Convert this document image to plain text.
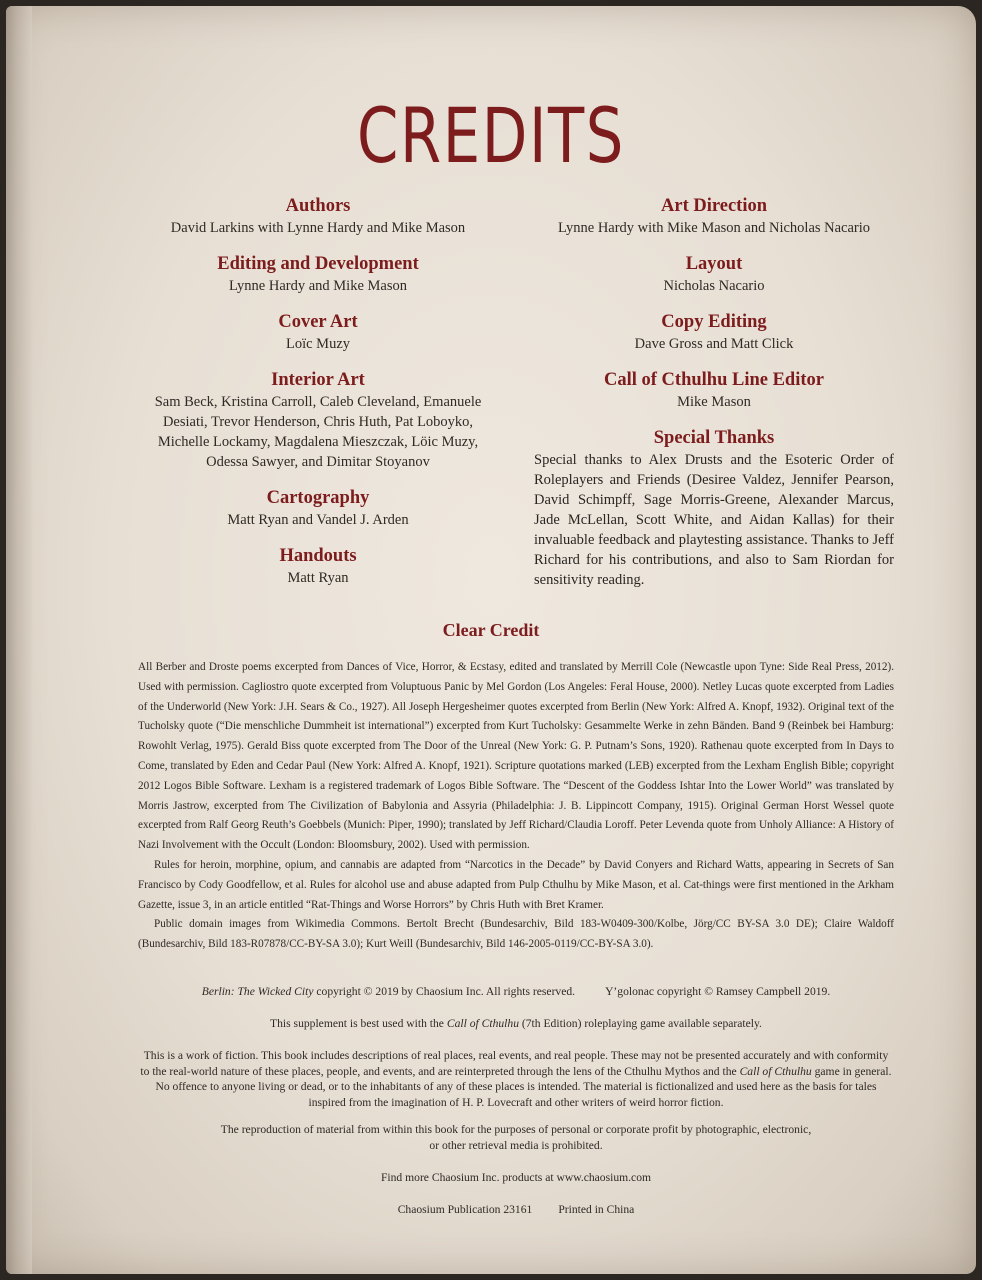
CREDITS
Authors
David Larkins with Lynne Hardy and Mike Mason
Editing and Development
Lynne Hardy and Mike Mason
Cover Art
Loïc Muzy
Interior Art
Sam Beck, Kristina Carroll, Caleb Cleveland, Emanuele Desiati, Trevor Henderson, Chris Huth, Pat Loboyko, Michelle Lockamy, Magdalena Mieszczak, Löic Muzy, Odessa Sawyer, and Dimitar Stoyanov
Cartography
Matt Ryan and Vandel J. Arden
Handouts
Matt Ryan
Art Direction
Lynne Hardy with Mike Mason and Nicholas Nacario
Layout
Nicholas Nacario
Copy Editing
Dave Gross and Matt Click
Call of Cthulhu Line Editor
Mike Mason
Special Thanks
Special thanks to Alex Drusts and the Esoteric Order of Roleplayers and Friends (Desiree Valdez, Jennifer Pearson, David Schimpff, Sage Morris-Greene, Alexander Marcus, Jade McLellan, Scott White, and Aidan Kallas) for their invaluable feedback and playtesting assistance. Thanks to Jeff Richard for his contributions, and also to Sam Riordan for sensitivity reading.
Clear Credit

All Berber and Droste poems excerpted from Dances of Vice, Horror, & Ecstasy, edited and translated by Merrill Cole (Newcastle upon Tyne: Side Real Press, 2012). Used with permission. Cagliostro quote excerpted from Voluptuous Panic by Mel Gordon (Los Angeles: Feral House, 2000). Netley Lucas quote excerpted from Ladies of the Underworld (New York: J.H. Sears & Co., 1927). All Joseph Hergesheimer quotes excerpted from Berlin (New York: Alfred A. Knopf, 1932). Original text of the Tucholsky quote (“Die menschliche Dummheit ist international”) excerpted from Kurt Tucholsky: Gesammelte Werke in zehn Bänden. Band 9 (Reinbek bei Hamburg: Rowohlt Verlag, 1975). Gerald Biss quote excerpted from The Door of the Unreal (New York: G. P. Putnam’s Sons, 1920). Rathenau quote excerpted from In Days to Come, translated by Eden and Cedar Paul (New York: Alfred A. Knopf, 1921). Scripture quotations marked (LEB) excerpted from the Lexham English Bible; copyright 2012 Logos Bible Software. Lexham is a registered trademark of Logos Bible Software. The “Descent of the Goddess Ishtar Into the Lower World” was translated by Morris Jastrow, excerpted from The Civilization of Babylonia and Assyria (Philadelphia: J. B. Lippincott Company, 1915). Original German Horst Wessel quote excerpted from Ralf Georg Reuth’s Goebbels (Munich: Piper, 1990); translated by Jeff Richard/Claudia Loroff. Peter Levenda quote from Unholy Alliance: A History of Nazi Involvement with the Occult (London: Bloomsbury, 2002). Used with permission.

Rules for heroin, morphine, opium, and cannabis are adapted from “Narcotics in the Decade” by David Conyers and Richard Watts, appearing in Secrets of San Francisco by Cody Goodfellow, et al. Rules for alcohol use and abuse adapted from Pulp Cthulhu by Mike Mason, et al. Cat-things were first mentioned in the Arkham Gazette, issue 3, in an article entitled “Rat-Things and Worse Horrors” by Chris Huth with Bret Kramer.

Public domain images from Wikimedia Commons. Bertolt Brecht (Bundesarchiv, Bild 183-W0409-300/Kolbe, Jörg/CC BY-SA 3.0 DE); Claire Waldoff (Bundesarchiv, Bild 183-R07878/CC-BY-SA 3.0); Kurt Weill (Bundesarchiv, Bild 146-2005-0119/CC-BY-SA 3.0).

Berlin: The Wicked City copyright © 2019 by Chaosium Inc. All rights reserved.	Y’golonac copyright © Ramsey Campbell 2019.
This supplement is best used with the Call of Cthulhu (7th Edition) roleplaying game available separately.
This is a work of fiction. This book includes descriptions of real places, real events, and real people. These may not be presented accurately and with conformity to the real-world nature of these places, people, and events, and are reinterpreted through the lens of the Cthulhu Mythos and the Call of Cthulhu game in general. No offence to anyone living or dead, or to the inhabitants of any of these places is intended. The material is fictionalized and used here as the basis for tales inspired from the imagination of H. P. Lovecraft and other writers of weird horror fiction.
The reproduction of material from within this book for the purposes of personal or corporate profit by photographic, electronic, or other retrieval media is prohibited.
Find more Chaosium Inc. products at www.chaosium.com
Chaosium Publication 23161 Printed in China
